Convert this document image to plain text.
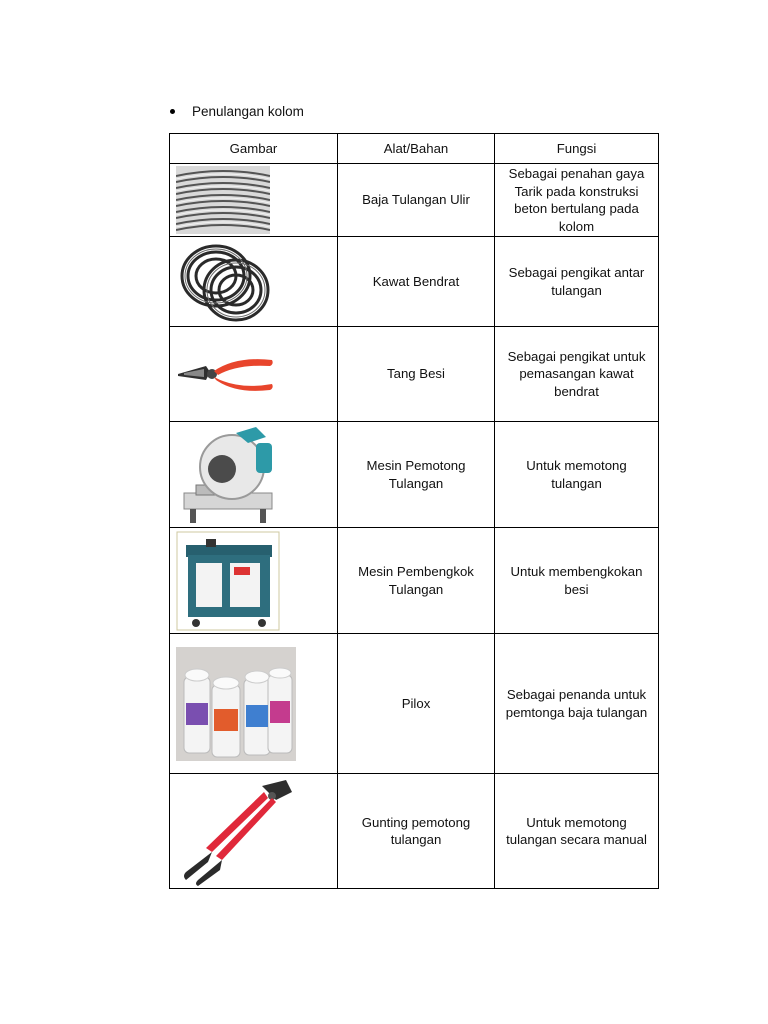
Penulangan kolom
Gambar	Alat/Bahan	Fungsi

	Baja Tulangan Ulir	Sebagai penahan gaya Tarik pada konstruksi beton bertulang pada kolom

	Kawat Bendrat	Sebagai pengikat antar tulangan

	Tang Besi	Sebagai pengikat untuk pemasangan kawat bendrat

	Mesin Pemotong Tulangan	Untuk memotong tulangan

	Mesin Pembengkok Tulangan	Untuk membengkokan besi

	Pilox	Sebagai penanda untuk pemtonga baja tulangan

	Gunting pemotong tulangan	Untuk memotong tulangan secara manual
